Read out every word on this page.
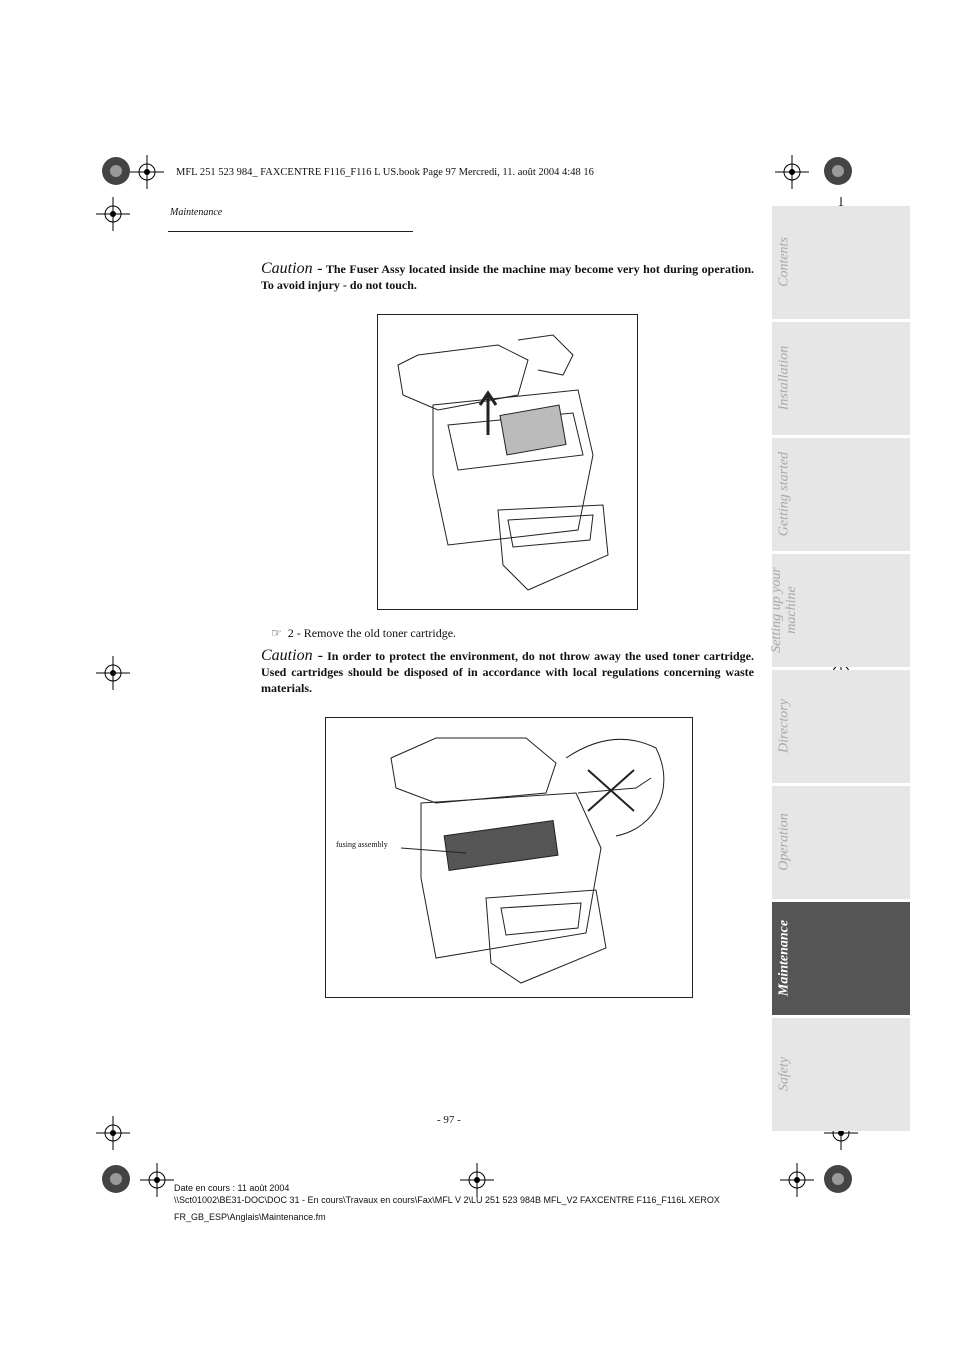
MFL 251 523 984_ FAXCENTRE F116_F116 L US.book Page 97 Mercredi, 11. août 2004 4:48 16
Maintenance
Caution - The Fuser Assy located inside the machine may become very hot during operation. To avoid injury - do not touch.
☞ 2 - Remove the old toner cartridge.
Caution - In order to protect the environment, do not throw away the used toner cartridge. Used cartridges should be disposed of in accordance with local regulations concerning waste materials.
fusing assembly
- 97 -
Date en cours : 11 août 2004
\\Sct01002\BE31-DOC\DOC 31 - En cours\Travaux en cours\Fax\MFL V 2\LU 251 523 984B MFL_V2 FAXCENTRE F116_F116L XEROX
FR_GB_ESP\Anglais\Maintenance.fm
Contents
Installation
Getting started
Setting up your machine
Directory
Operation
Maintenance
Safety
